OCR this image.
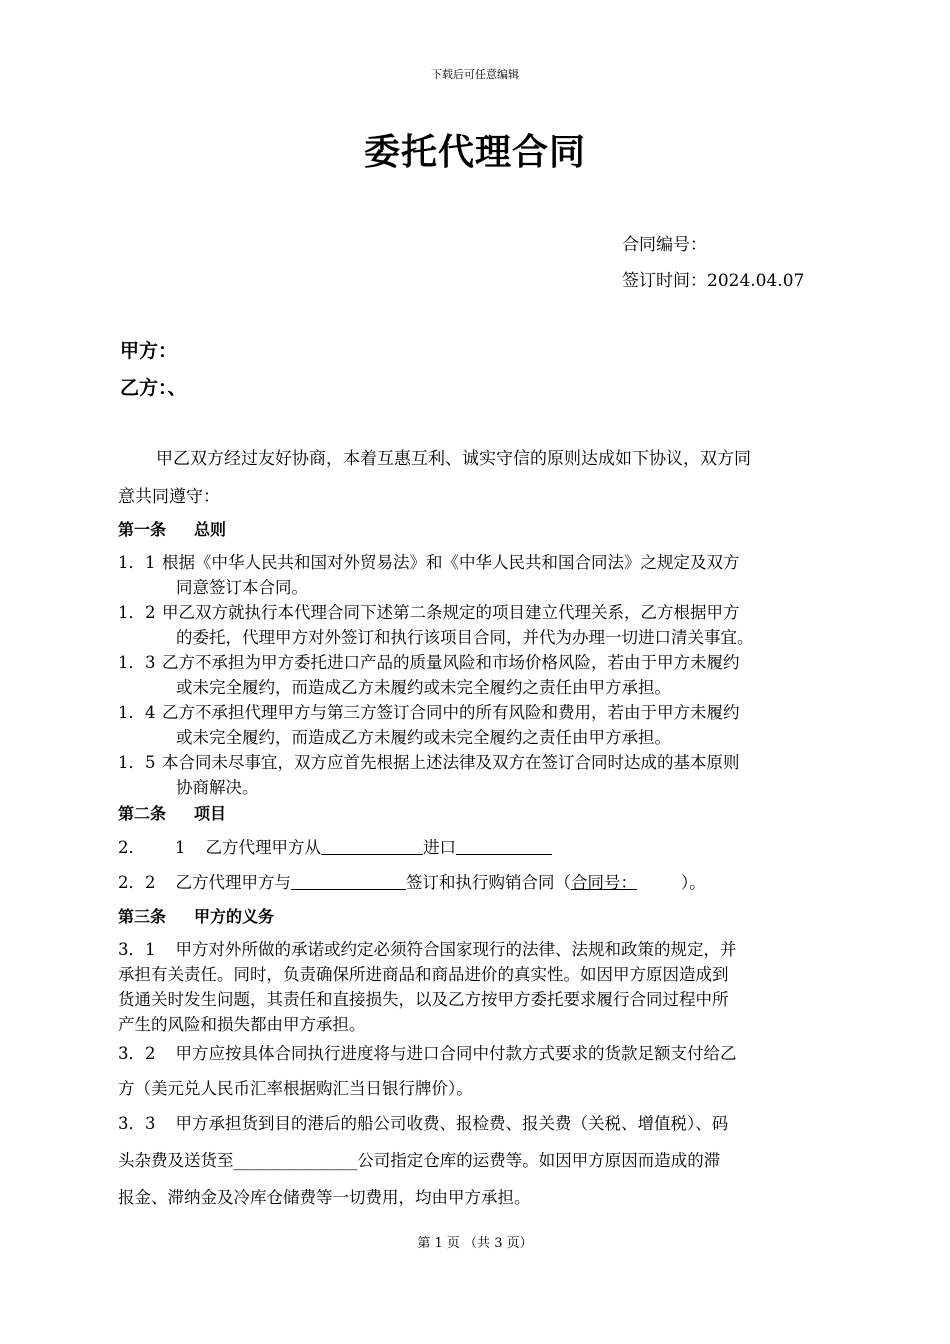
下载后可任意编辑
委托代理合同
合同编号：
签订时间：2024.04.07
甲方：
乙方：、
甲乙双方经过友好协商，本着互惠互利、诚实守信的原则达成如下协议，双方同
意共同遵守：
第一条 总则
1．1 根据《中华人民共和国对外贸易法》和《中华人民共和国合同法》之规定及双方
同意签订本合同。
1．2 甲乙双方就执行本代理合同下述第二条规定的项目建立代理关系，乙方根据甲方
的委托，代理甲方对外签订和执行该项目合同，并代为办理一切进口清关事宜。
1．3 乙方不承担为甲方委托进口产品的质量风险和市场价格风险，若由于甲方未履约
或未完全履约，而造成乙方未履约或未完全履约之责任由甲方承担。
1．4 乙方不承担代理甲方与第三方签订合同中的所有风险和费用，若由于甲方未履约
或未完全履约，而造成乙方未履约或未完全履约之责任由甲方承担。
1．5 本合同未尽事宜，双方应首先根据上述法律及双方在签订合同时达成的基本原则
协商解决。
第二条 项目
2． 1 乙方代理甲方从	进口
2．2 乙方代理甲方与	签订和执行购销合同（合同号：	）。
第三条 甲方的义务
3．1 甲方对外所做的承诺或约定必须符合国家现行的法律、法规和政策的规定，并
承担有关责任。同时，负责确保所进商品和商品进价的真实性。如因甲方原因造成到
货通关时发生问题，其责任和直接损失，以及乙方按甲方委托要求履行合同过程中所
产生的风险和损失都由甲方承担。
3．2 甲方应按具体合同执行进度将与进口合同中付款方式要求的货款足额支付给乙
方（美元兑人民币汇率根据购汇当日银行牌价）。
3．3 甲方承担货到目的港后的船公司收费、报检费、报关费（关税、增值税）、码
头杂费及送货至_______________公司指定仓库的运费等。如因甲方原因而造成的滞
报金、滞纳金及冷库仓储费等一切费用，均由甲方承担。
第 1 页 （共 3 页）
